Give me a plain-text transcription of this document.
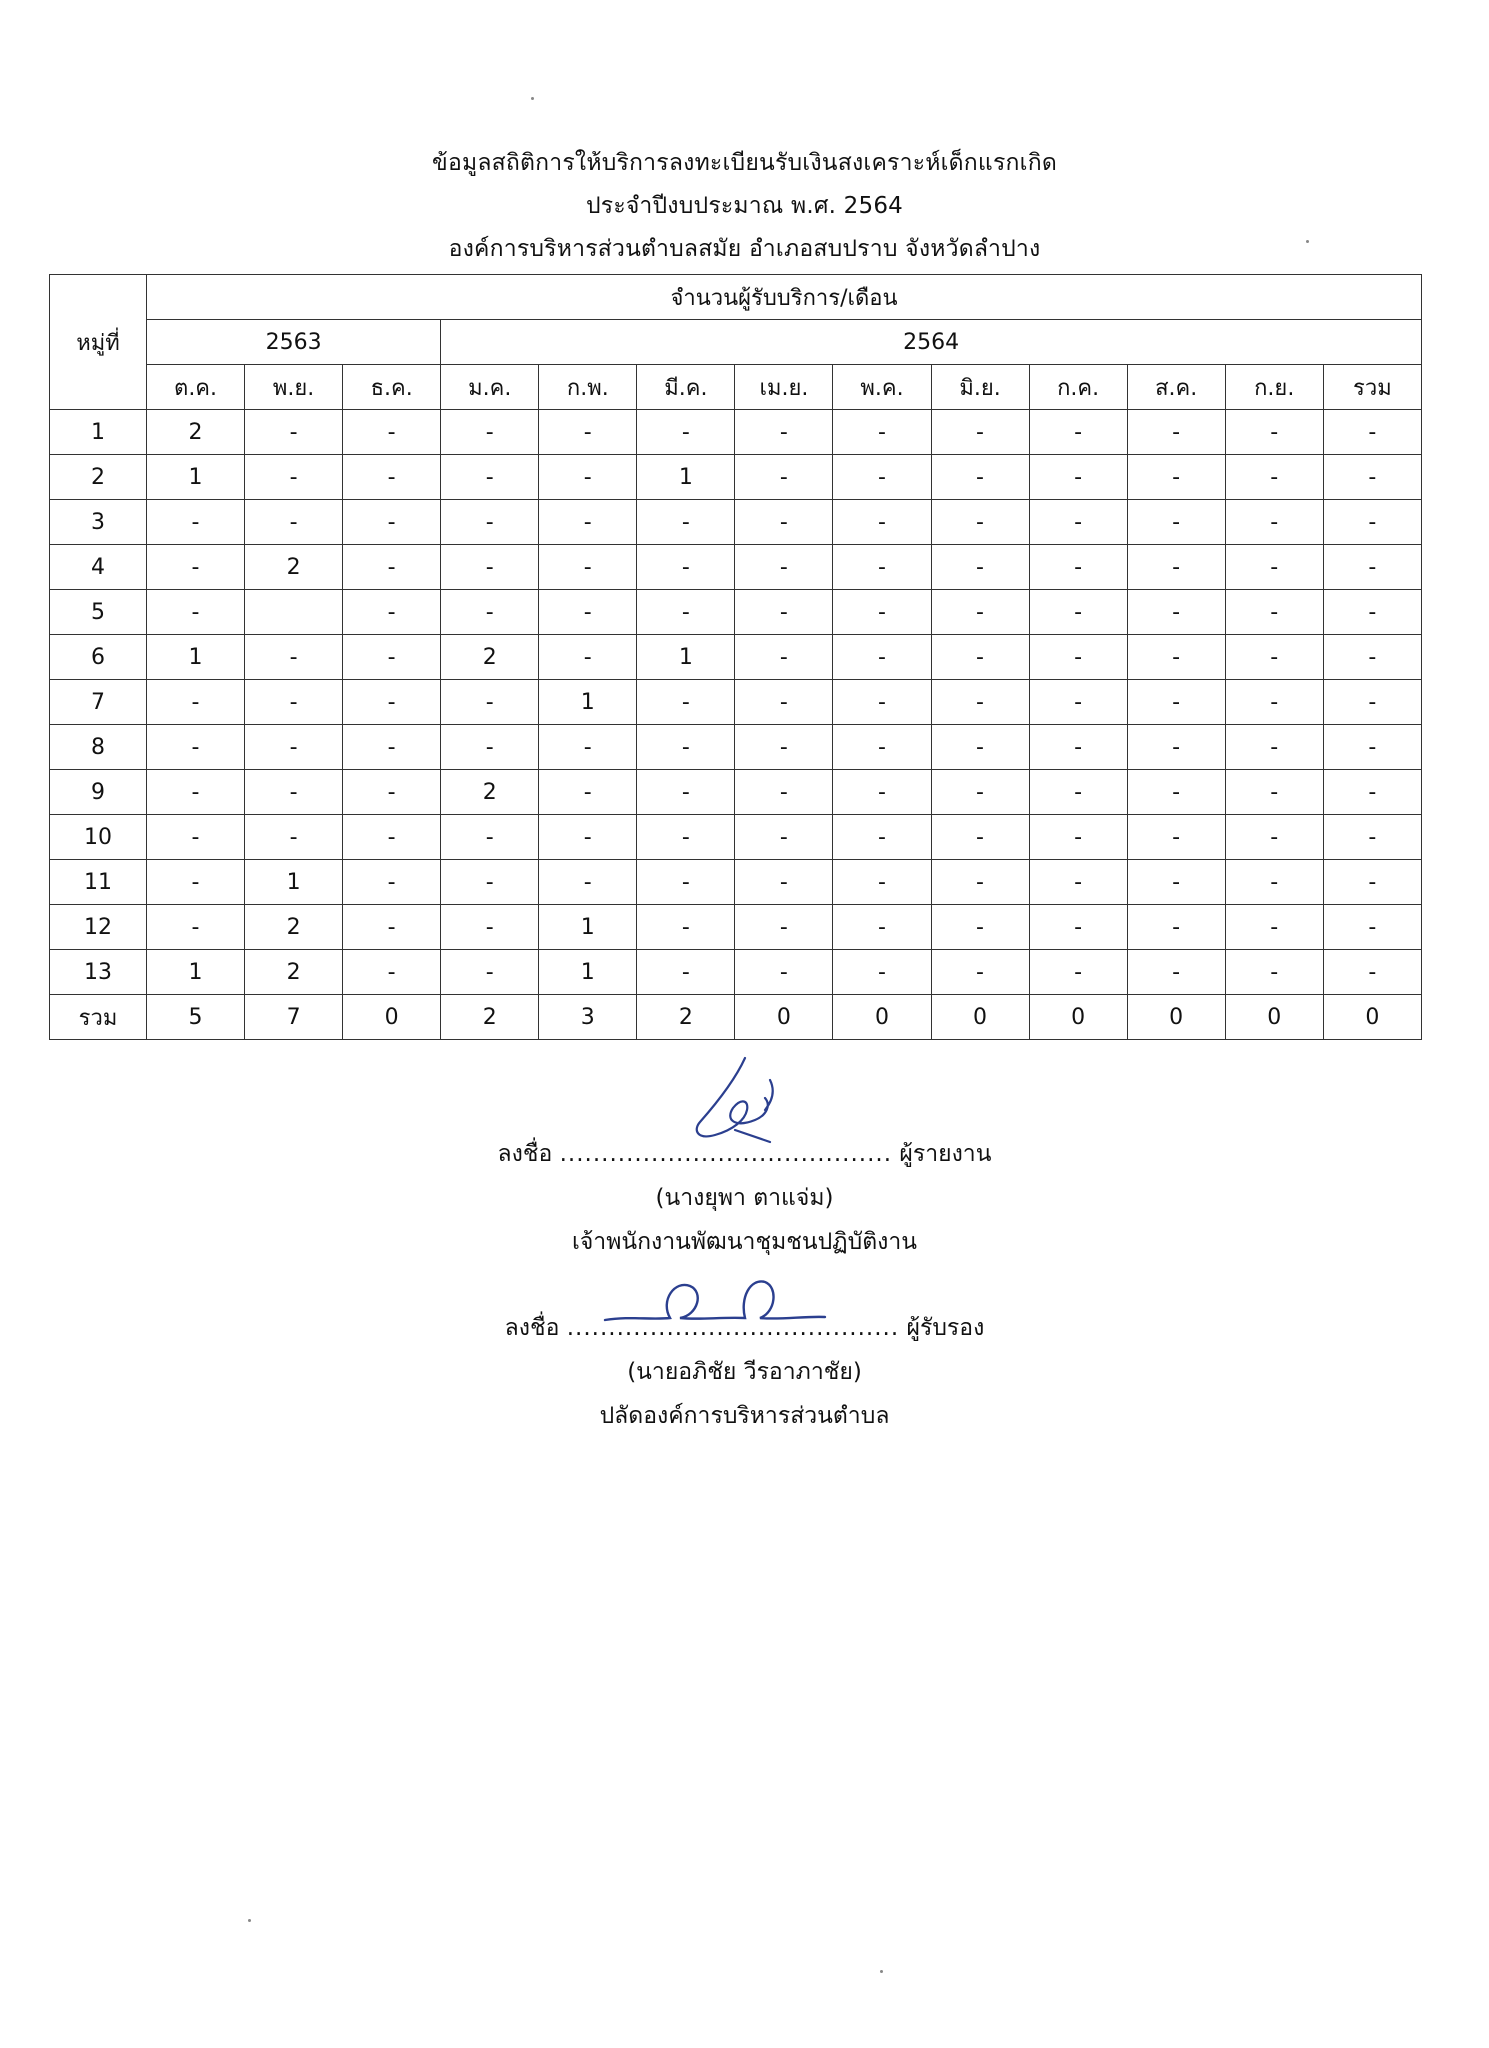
ข้อมูลสถิติการให้บริการลงทะเบียนรับเงินสงเคราะห์เด็กแรกเกิด
ประจำปีงบประมาณ พ.ศ. 2564
องค์การบริหารส่วนตำบลสมัย อำเภอสบปราบ จังหวัดลำปาง
หมู่ที่	จำนวนผู้รับบริการ/เดือน												
	2563			2564									
	ต.ค.	พ.ย.	ธ.ค.	ม.ค.	ก.พ.	มี.ค.	เม.ย.	พ.ค.	มิ.ย.	ก.ค.	ส.ค.	ก.ย.	รวม
1	2	-	-	-	-	-	-	-	-	-	-	-	-
2	1	-	-	-	-	1	-	-	-	-	-	-	-
3	-	-	-	-	-	-	-	-	-	-	-	-	-
4	-	2	-	-	-	-	-	-	-	-	-	-	-
5	-		-	-	-	-	-	-	-	-	-	-	-
6	1	-	-	2	-	1	-	-	-	-	-	-	-
7	-	-	-	-	1	-	-	-	-	-	-	-	-
8	-	-	-	-	-	-	-	-	-	-	-	-	-
9	-	-	-	2	-	-	-	-	-	-	-	-	-
10	-	-	-	-	-	-	-	-	-	-	-	-	-
11	-	1	-	-	-	-	-	-	-	-	-	-	-
12	-	2	-	-	1	-	-	-	-	-	-	-	-
13	1	2	-	-	1	-	-	-	-	-	-	-	-
รวม	5	7	0	2	3	2	0	0	0	0	0	0	0
ลงชื่อ ........................................ ผู้รายงาน
(นางยุพา ตาแจ่ม)
เจ้าพนักงานพัฒนาชุมชนปฏิบัติงาน
ลงชื่อ ........................................ ผู้รับรอง
(นายอภิชัย วีรอาภาชัย)
ปลัดองค์การบริหารส่วนตำบล
